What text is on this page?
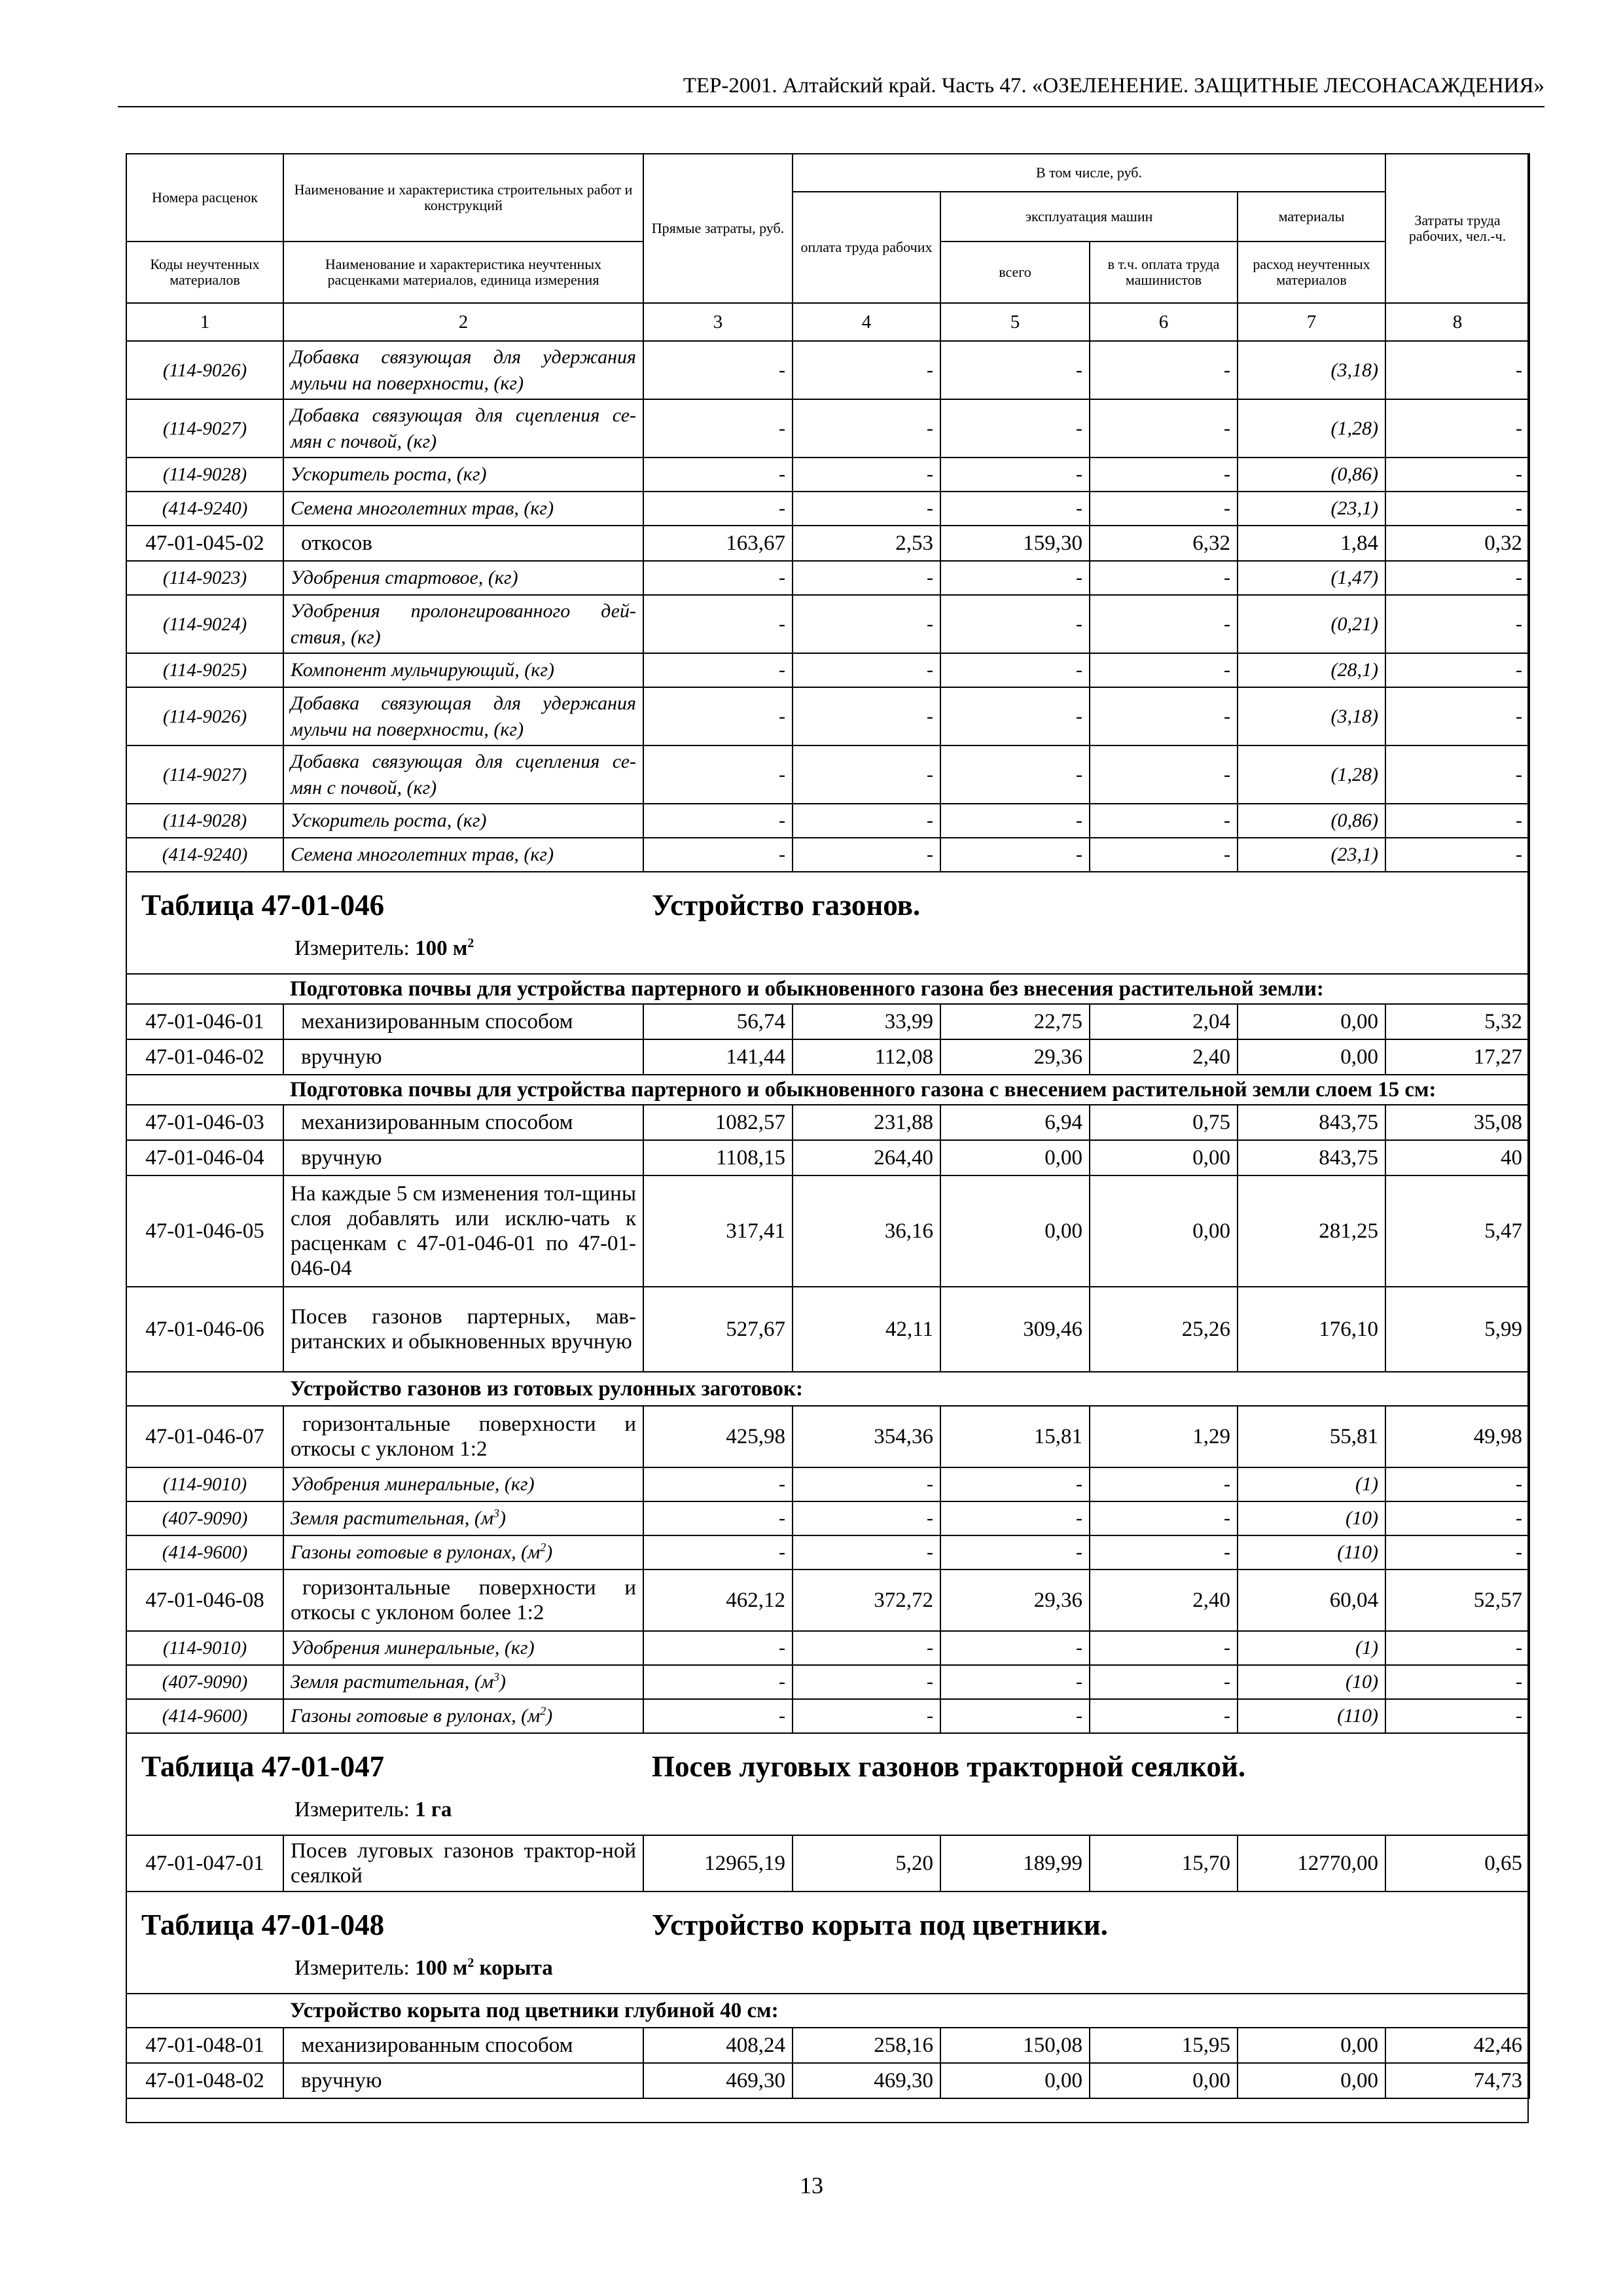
ТЕР-2001. Алтайский край. Часть 47. «ОЗЕЛЕНЕНИЕ. ЗАЩИТНЫЕ ЛЕСОНАСАЖДЕНИЯ»
Номера расценок	Наименование и характеристика строительных работ и конструкций	Прямые затраты, руб.	В том числе, руб.				Затраты труда рабочих, чел.-ч.
			оплата труда рабочих	эксплуатация машин		материалы	
Коды неучтенных материалов	Наименование и характеристика неучтенных расценками материалов, единица измерения			всего	в т.ч. оплата труда машинистов	расход неучтенных материалов	
1	2	3	4	5	6	7	8
(114-9026)	Добавка связующая для удержания мульчи на поверхности, (кг)	-	-	-	-	(3,18)	-
(114-9027)	Добавка связующая для сцепления се-мян с почвой, (кг)	-	-	-	-	(1,28)	-
(114-9028)	Ускоритель роста, (кг)	-	-	-	-	(0,86)	-
(414-9240)	Семена многолетних трав, (кг)	-	-	-	-	(23,1)	-
47-01-045-02	откосов	163,67	2,53	159,30	6,32	1,84	0,32
(114-9023)	Удобрения стартовое, (кг)	-	-	-	-	(1,47)	-
(114-9024)	Удобрения пролонгированного дей-ствия, (кг)	-	-	-	-	(0,21)	-
(114-9025)	Компонент мульчирующий, (кг)	-	-	-	-	(28,1)	-
(114-9026)	Добавка связующая для удержания мульчи на поверхности, (кг)	-	-	-	-	(3,18)	-
(114-9027)	Добавка связующая для сцепления се-мян с почвой, (кг)	-	-	-	-	(1,28)	-
(114-9028)	Ускоритель роста, (кг)	-	-	-	-	(0,86)	-
(414-9240)	Семена многолетних трав, (кг)	-	-	-	-	(23,1)	-

Таблица 47-01-046 Устройство газонов.
Измеритель: 100 $м^2$

	Подготовка почвы для устройства партерного и обыкновенного газона без внесения растительной земли:						
47-01-046-01	механизированным способом	56,74	33,99	22,75	2,04	0,00	5,32
47-01-046-02	вручную	141,44	112,08	29,36	2,40	0,00	17,27
	Подготовка почвы для устройства партерного и обыкновенного газона с внесением растительной земли слоем 15 см:						
47-01-046-03	механизированным способом	1082,57	231,88	6,94	0,75	843,75	35,08
47-01-046-04	вручную	1108,15	264,40	0,00	0,00	843,75	40
47-01-046-05	На каждые 5 см изменения тол-щины слоя добавлять или исклю-чать к расценкам с 47-01-046-01 по 47-01-046-04	317,41	36,16	0,00	0,00	281,25	5,47
47-01-046-06	Посев газонов партерных, мав-ританских и обыкновенных вручную	527,67	42,11	309,46	25,26	176,10	5,99
	Устройство газонов из готовых рулонных заготовок:						
47-01-046-07	горизонтальные поверхности и откосы с уклоном 1:2	425,98	354,36	15,81	1,29	55,81	49,98
(114-9010)	Удобрения минеральные, (кг)	-	-	-	-	(1)	-
(407-9090)	Земля растительная, $(м^3)$	-	-	-	-	(10)	-
(414-9600)	Газоны готовые в рулонах, $(м^2)$	-	-	-	-	(110)	-
47-01-046-08	горизонтальные поверхности и откосы с уклоном более 1:2	462,12	372,72	29,36	2,40	60,04	52,57
(114-9010)	Удобрения минеральные, (кг)	-	-	-	-	(1)	-
(407-9090)	Земля растительная, $(м^3)$	-	-	-	-	(10)	-
(414-9600)	Газоны готовые в рулонах, $(м^2)$	-	-	-	-	(110)	-

Таблица 47-01-047 Посев луговых газонов тракторной сеялкой.
Измеритель: 1 га							

47-01-047-01	Посев луговых газонов трактор-ной сеялкой	12965,19	5,20	189,99	15,70	12770,00	0,65

Таблица 47-01-048 Устройство корыта под цветники.
Измеритель: 100 $м^2$ корыта							

	Устройство корыта под цветники глубиной 40 см:						
47-01-048-01	механизированным способом	408,24	258,16	150,08	15,95	0,00	42,46
47-01-048-02	вручную	469,30	469,30	0,00	0,00	0,00	74,73
13
